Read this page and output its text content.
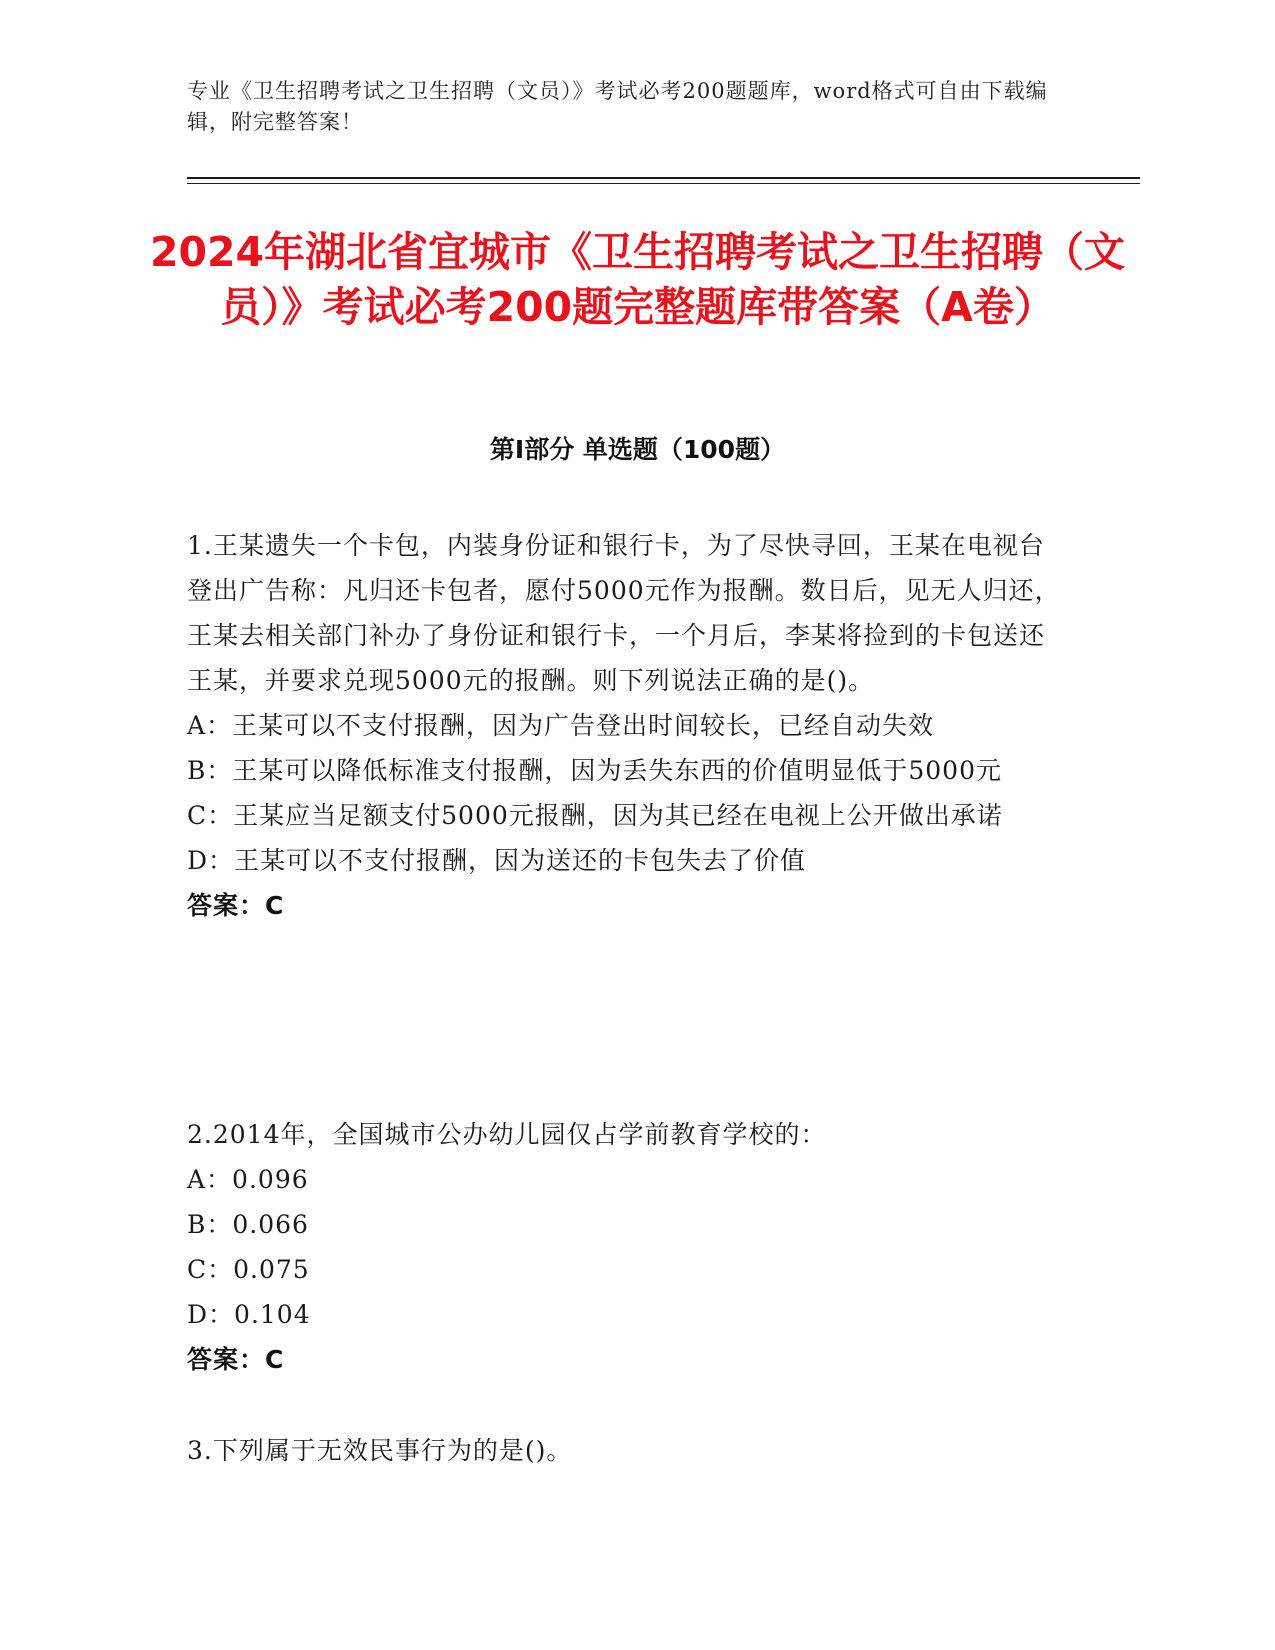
专业《卫生招聘考试之卫生招聘（文员）》考试必考200题题库，word格式可自由下载编辑，附完整答案！
2024年湖北省宜城市《卫生招聘考试之卫生招聘（文员）》考试必考200题完整题库带答案（A卷）
第Ⅰ部分 单选题（100题）

1.王某遗失一个卡包，内装身份证和银行卡，为了尽快寻回，王某在电视台登出广告称：凡归还卡包者，愿付5000元作为报酬。数日后，见无人归还，王某去相关部门补办了身份证和银行卡，一个月后，李某将捡到的卡包送还王某，并要求兑现5000元的报酬。则下列说法正确的是()。

A：王某可以不支付报酬，因为广告登出时间较长，已经自动失效

B：王某可以降低标准支付报酬，因为丢失东西的价值明显低于5000元

C：王某应当足额支付5000元报酬，因为其已经在电视上公开做出承诺

D：王某可以不支付报酬，因为送还的卡包失去了价值

答案：C

2.2014年，全国城市公办幼儿园仅占学前教育学校的：

A：0.096

B：0.066

C：0.075

D：0.104

答案：C

3.下列属于无效民事行为的是()。
